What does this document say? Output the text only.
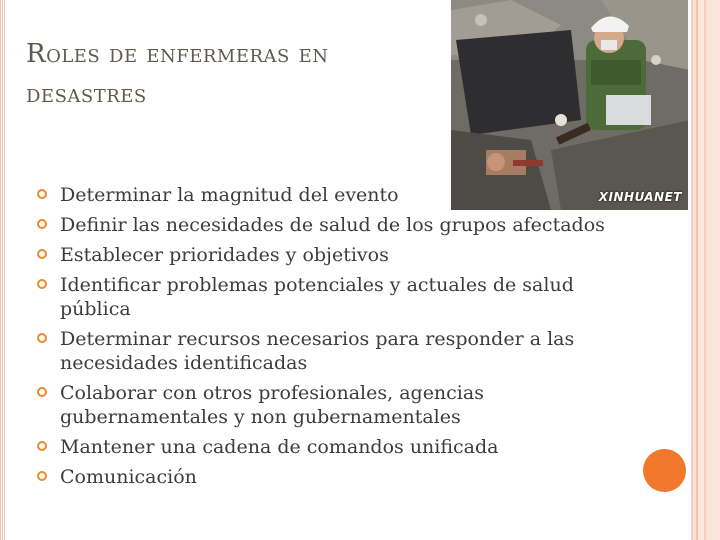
Roles de enfermeras en desastres
XINHUANET
Determinar la magnitud del evento
Definir las necesidades de salud de los grupos afectados
Establecer prioridades y objetivos
Identificar problemas potenciales y actuales de salud pública
Determinar recursos necesarios para responder a las necesidades identificadas
Colaborar con otros profesionales, agencias gubernamentales y non gubernamentales
Mantener una cadena de comandos unificada
Comunicación
